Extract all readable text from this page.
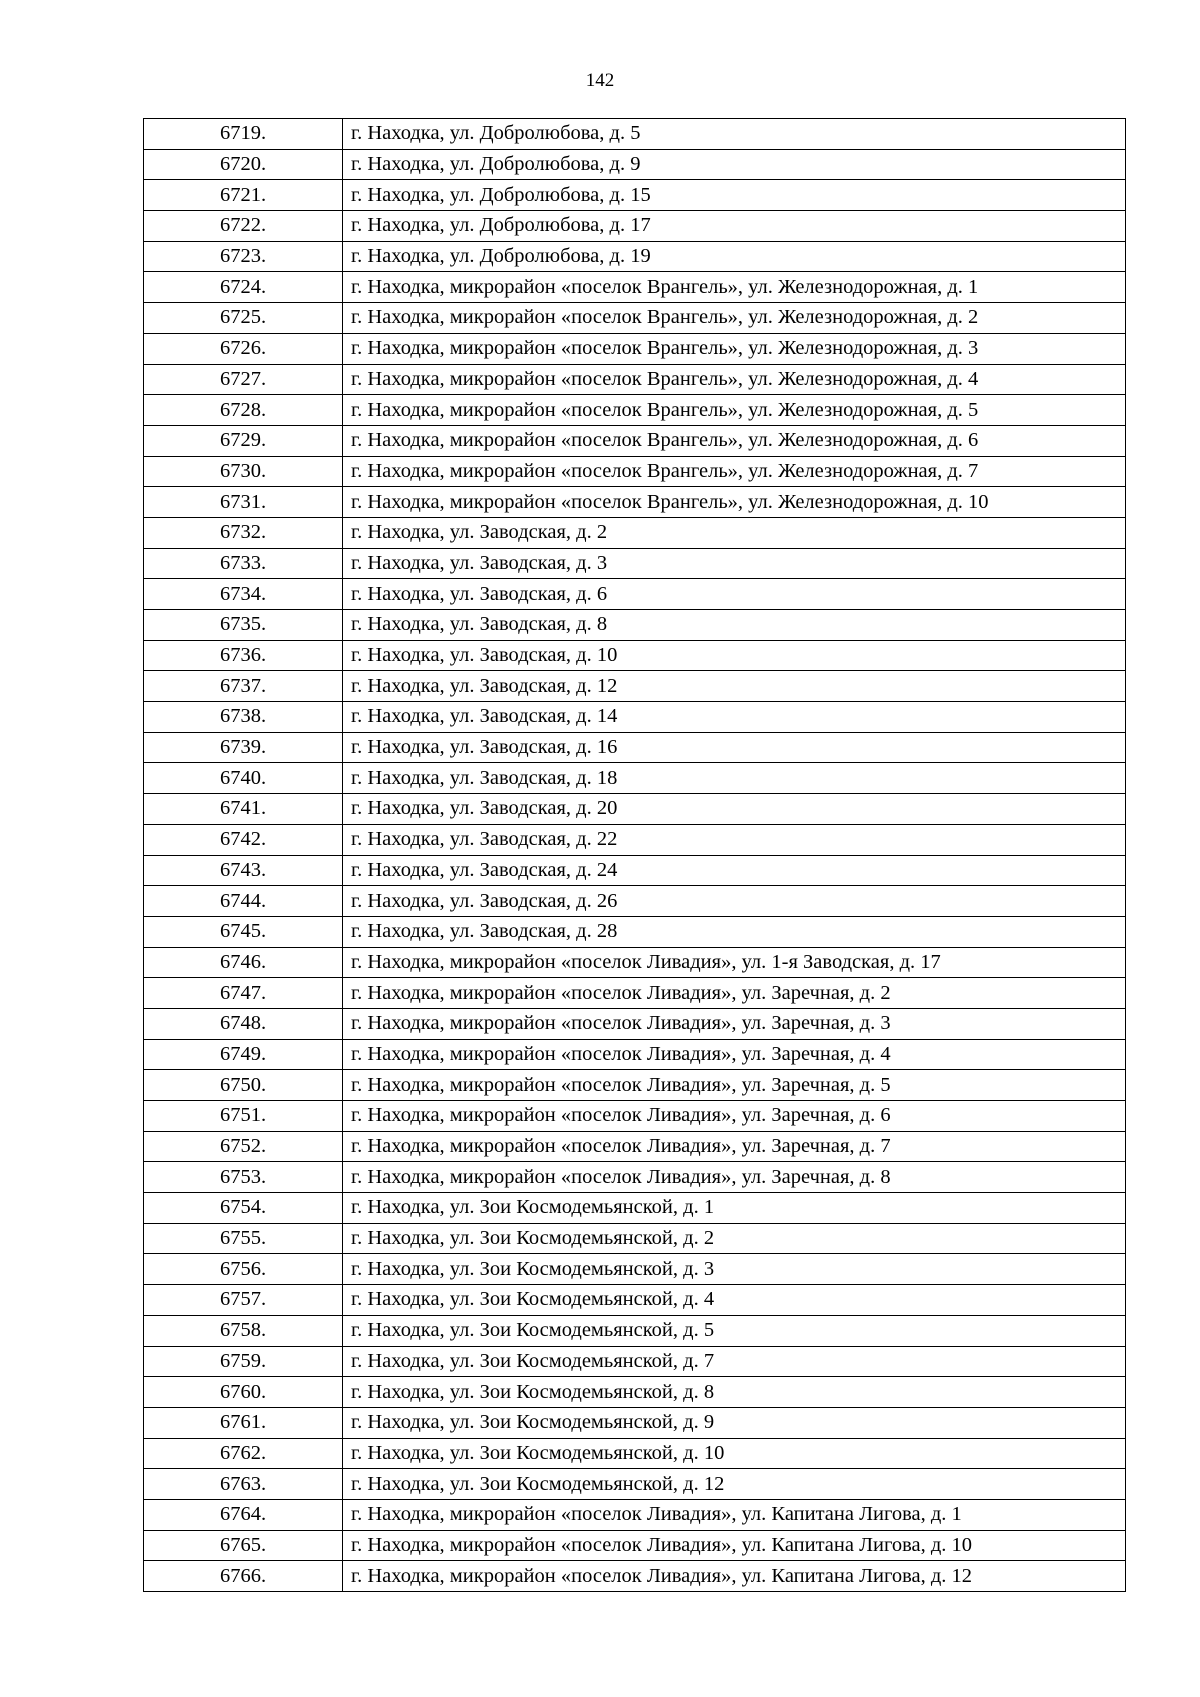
142
6719.	г. Находка, ул. Добролюбова, д. 5
6720.	г. Находка, ул. Добролюбова, д. 9
6721.	г. Находка, ул. Добролюбова, д. 15
6722.	г. Находка, ул. Добролюбова, д. 17
6723.	г. Находка, ул. Добролюбова, д. 19
6724.	г. Находка, микрорайон «поселок Врангель», ул. Железнодорожная, д. 1
6725.	г. Находка, микрорайон «поселок Врангель», ул. Железнодорожная, д. 2
6726.	г. Находка, микрорайон «поселок Врангель», ул. Железнодорожная, д. 3
6727.	г. Находка, микрорайон «поселок Врангель», ул. Железнодорожная, д. 4
6728.	г. Находка, микрорайон «поселок Врангель», ул. Железнодорожная, д. 5
6729.	г. Находка, микрорайон «поселок Врангель», ул. Железнодорожная, д. 6
6730.	г. Находка, микрорайон «поселок Врангель», ул. Железнодорожная, д. 7
6731.	г. Находка, микрорайон «поселок Врангель», ул. Железнодорожная, д. 10
6732.	г. Находка, ул. Заводская, д. 2
6733.	г. Находка, ул. Заводская, д. 3
6734.	г. Находка, ул. Заводская, д. 6
6735.	г. Находка, ул. Заводская, д. 8
6736.	г. Находка, ул. Заводская, д. 10
6737.	г. Находка, ул. Заводская, д. 12
6738.	г. Находка, ул. Заводская, д. 14
6739.	г. Находка, ул. Заводская, д. 16
6740.	г. Находка, ул. Заводская, д. 18
6741.	г. Находка, ул. Заводская, д. 20
6742.	г. Находка, ул. Заводская, д. 22
6743.	г. Находка, ул. Заводская, д. 24
6744.	г. Находка, ул. Заводская, д. 26
6745.	г. Находка, ул. Заводская, д. 28
6746.	г. Находка, микрорайон «поселок Ливадия», ул. 1-я Заводская, д. 17
6747.	г. Находка, микрорайон «поселок Ливадия», ул. Заречная, д. 2
6748.	г. Находка, микрорайон «поселок Ливадия», ул. Заречная, д. 3
6749.	г. Находка, микрорайон «поселок Ливадия», ул. Заречная, д. 4
6750.	г. Находка, микрорайон «поселок Ливадия», ул. Заречная, д. 5
6751.	г. Находка, микрорайон «поселок Ливадия», ул. Заречная, д. 6
6752.	г. Находка, микрорайон «поселок Ливадия», ул. Заречная, д. 7
6753.	г. Находка, микрорайон «поселок Ливадия», ул. Заречная, д. 8
6754.	г. Находка, ул. Зои Космодемьянской, д. 1
6755.	г. Находка, ул. Зои Космодемьянской, д. 2
6756.	г. Находка, ул. Зои Космодемьянской, д. 3
6757.	г. Находка, ул. Зои Космодемьянской, д. 4
6758.	г. Находка, ул. Зои Космодемьянской, д. 5
6759.	г. Находка, ул. Зои Космодемьянской, д. 7
6760.	г. Находка, ул. Зои Космодемьянской, д. 8
6761.	г. Находка, ул. Зои Космодемьянской, д. 9
6762.	г. Находка, ул. Зои Космодемьянской, д. 10
6763.	г. Находка, ул. Зои Космодемьянской, д. 12
6764.	г. Находка, микрорайон «поселок Ливадия», ул. Капитана Лигова, д. 1
6765.	г. Находка, микрорайон «поселок Ливадия», ул. Капитана Лигова, д. 10
6766.	г. Находка, микрорайон «поселок Ливадия», ул. Капитана Лигова, д. 12
